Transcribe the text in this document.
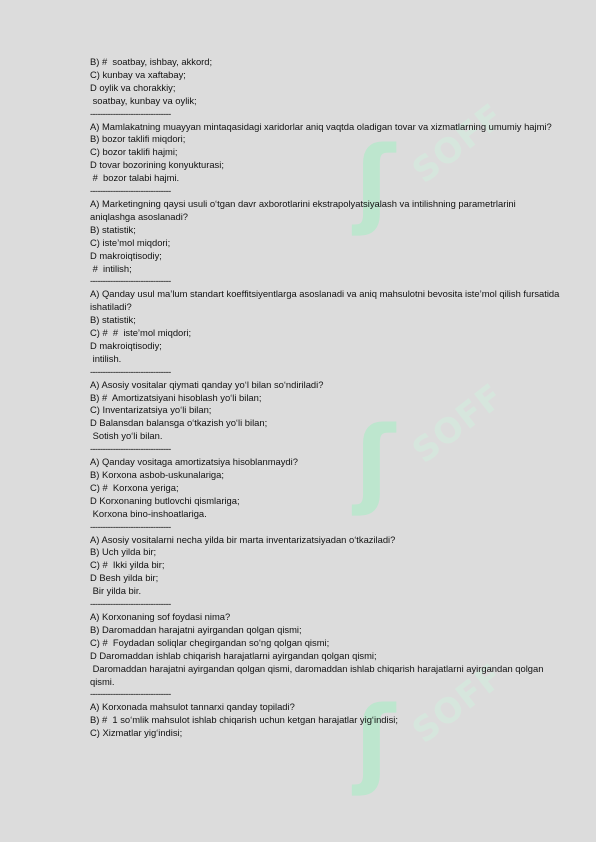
ʃ SOFF
ʃ SOFF
ʃ SOFF
B) #  soatbay, ishbay, akkord;
C) kunbay va xaftabay;
D oylik va chorakkiy;
soatbay, kunbay va oylik;
--------------------------------
A) Mamlakatning muayyan mintaqasidagi xaridorlar aniq vaqtda oladigan tovar va xizmatlarning umumiy hajmi?
B) bozor taklifi miqdori;
C) bozor taklifi hajmi;
D tovar bozorining konyukturasi;
#  bozor talabi hajmi.
--------------------------------
A) Marketingning qaysi usuli o‘tgan davr axborotlarini ekstrapolyatsiyalash va intilishning parametrlarini aniqlashga asoslanadi?
B) statistik;
C) iste’mol miqdori;
D makroiqtisodiy;
#  intilish;
--------------------------------
A) Qanday usul ma’lum standart koeffitsiyentlarga asoslanadi va aniq mahsulotni bevosita iste’mol qilish fursatida ishatiladi?
B) statistik;
C) #  #  iste’mol miqdori;
D makroiqtisodiy;
intilish.
--------------------------------
A) Asosiy vositalar qiymati qanday yo‘l bilan so‘ndiriladi?
B) #  Amortizatsiyani hisoblash yo‘li bilan;
C) Inventarizatsiya yo‘li bilan;
D Balansdan balansga o‘tkazish yo‘li bilan;
Sotish yo‘li bilan.
--------------------------------
A) Qanday vositaga amortizatsiya hisoblanmaydi?
B) Korxona asbob-uskunalariga;
C) #  Korxona yeriga;
D Korxonaning butlovchi qismlariga;
Korxona bino-inshoatlariga.
--------------------------------
A) Asosiy vositalarni necha yilda bir marta inventarizatsiyadan o‘tkaziladi?
B) Uch yilda bir;
C) #  Ikki yilda bir;
D Besh yilda bir;
Bir yilda bir.
--------------------------------
A) Korxonaning sof foydasi nima?
B) Daromaddan harajatni ayirgandan qolgan qismi;
C) #  Foydadan soliqlar chegirgandan so‘ng qolgan qismi;
D Daromaddan ishlab chiqarish harajatlarni ayirgandan qolgan qismi;
Daromaddan harajatni ayirgandan qolgan qismi, daromaddan ishlab chiqarish harajatlarni ayirgandan qolgan qismi.
--------------------------------
A) Korxonada mahsulot tannarxi qanday topiladi?
B) #  1 so‘mlik mahsulot ishlab chiqarish uchun ketgan harajatlar yig‘indisi;
C) Xizmatlar yig‘indisi;
